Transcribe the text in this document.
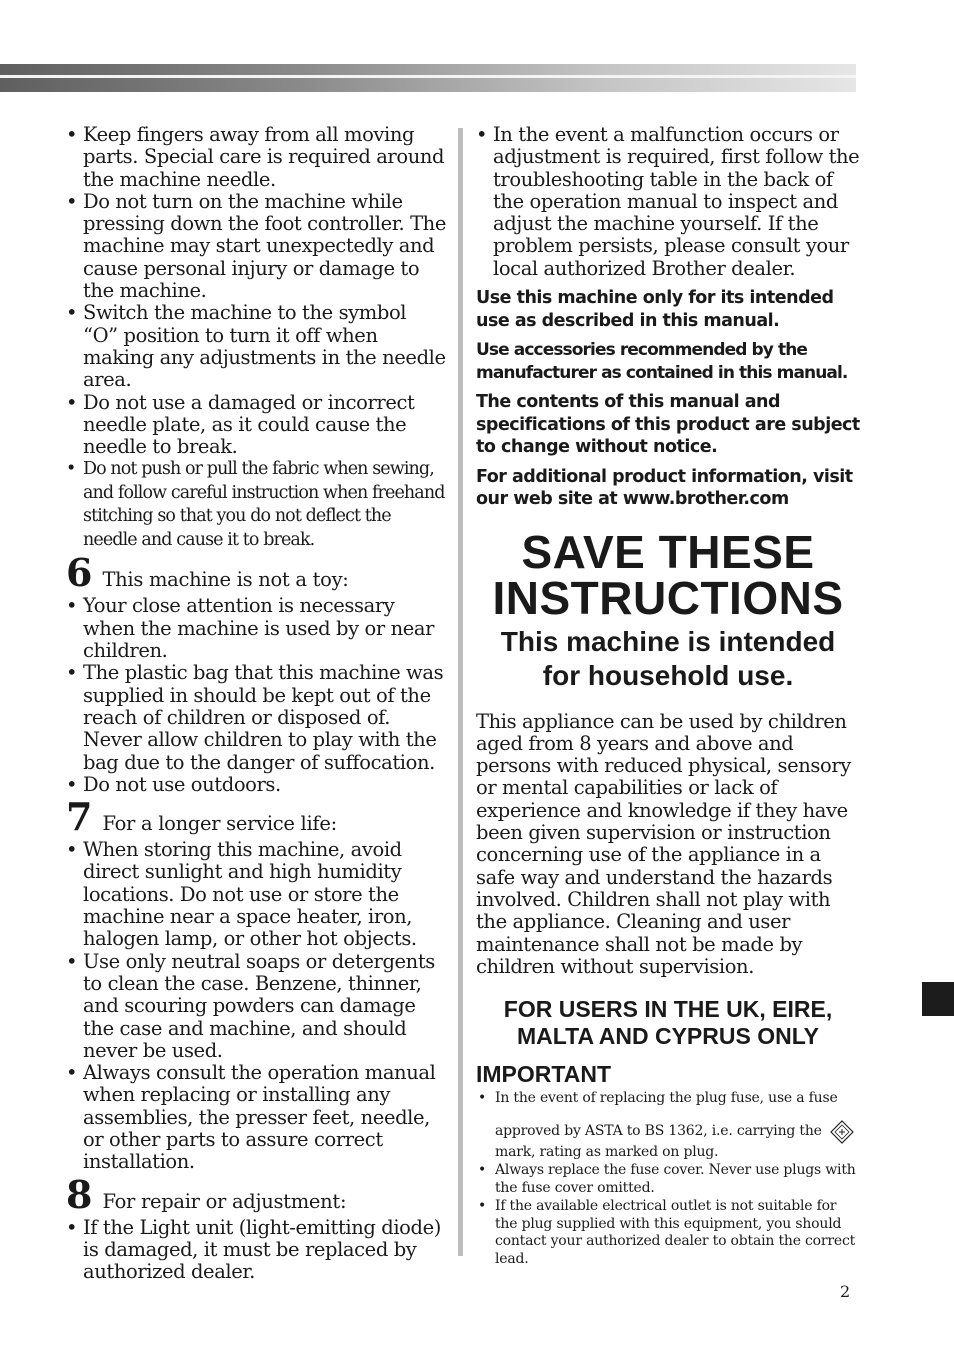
• Keep fingers away from all moving parts. Special care is required around the machine needle.
• Do not turn on the machine while pressing down the foot controller. The machine may start unexpectedly and cause personal injury or damage to the machine.
• Switch the machine to the symbol “O” position to turn it off when making any adjustments in the needle area.
• Do not use a damaged or incorrect needle plate, as it could cause the needle to break.
• Do not push or pull the fabric when sewing, and follow careful instruction when freehand stitching so that you do not deflect the needle and cause it to break.
6 This machine is not a toy:
• Your close attention is necessary when the machine is used by or near children.
• The plastic bag that this machine was supplied in should be kept out of the reach of children or disposed of. Never allow children to play with the bag due to the danger of suffocation.
• Do not use outdoors.
7 For a longer service life:
• When storing this machine, avoid direct sunlight and high humidity locations. Do not use or store the machine near a space heater, iron, halogen lamp, or other hot objects.
• Use only neutral soaps or detergents to clean the case. Benzene, thinner, and scouring powders can damage the case and machine, and should never be used.
• Always consult the operation manual when replacing or installing any assemblies, the presser feet, needle, or other parts to assure correct installation.
8 For repair or adjustment:
• If the Light unit (light-emitting diode) is damaged, it must be replaced by authorized dealer.
• In the event a malfunction occurs or adjustment is required, first follow the troubleshooting table in the back of the operation manual to inspect and adjust the machine yourself. If the problem persists, please consult your local authorized Brother dealer.

Use this machine only for its intended use as described in this manual.

Use accessories recommended by the manufacturer as contained in this manual.

The contents of this manual and specifications of this product are subject to change without notice.

For additional product information, visit our web site at www.brother.com

SAVE THESE
INSTRUCTIONS
This machine is intended
for household use.

This appliance can be used by children aged from 8 years and above and persons with reduced physical, sensory or mental capabilities or lack of experience and knowledge if they have been given supervision or instruction concerning use of the appliance in a safe way and understand the hazards involved. Children shall not play with the appliance. Cleaning and user maintenance shall not be made by children without supervision.

FOR USERS IN THE UK, EIRE,
MALTA AND CYPRUS ONLY
IMPORTANT
• In the event of replacing the plug fuse, use a fuse
approved by ASTA to BS 1362, i.e. carrying the
mark, rating as marked on plug.
• Always replace the fuse cover. Never use plugs with the fuse cover omitted.
• If the available electrical outlet is not suitable for the plug supplied with this equipment, you should contact your authorized dealer to obtain the correct lead.
2
